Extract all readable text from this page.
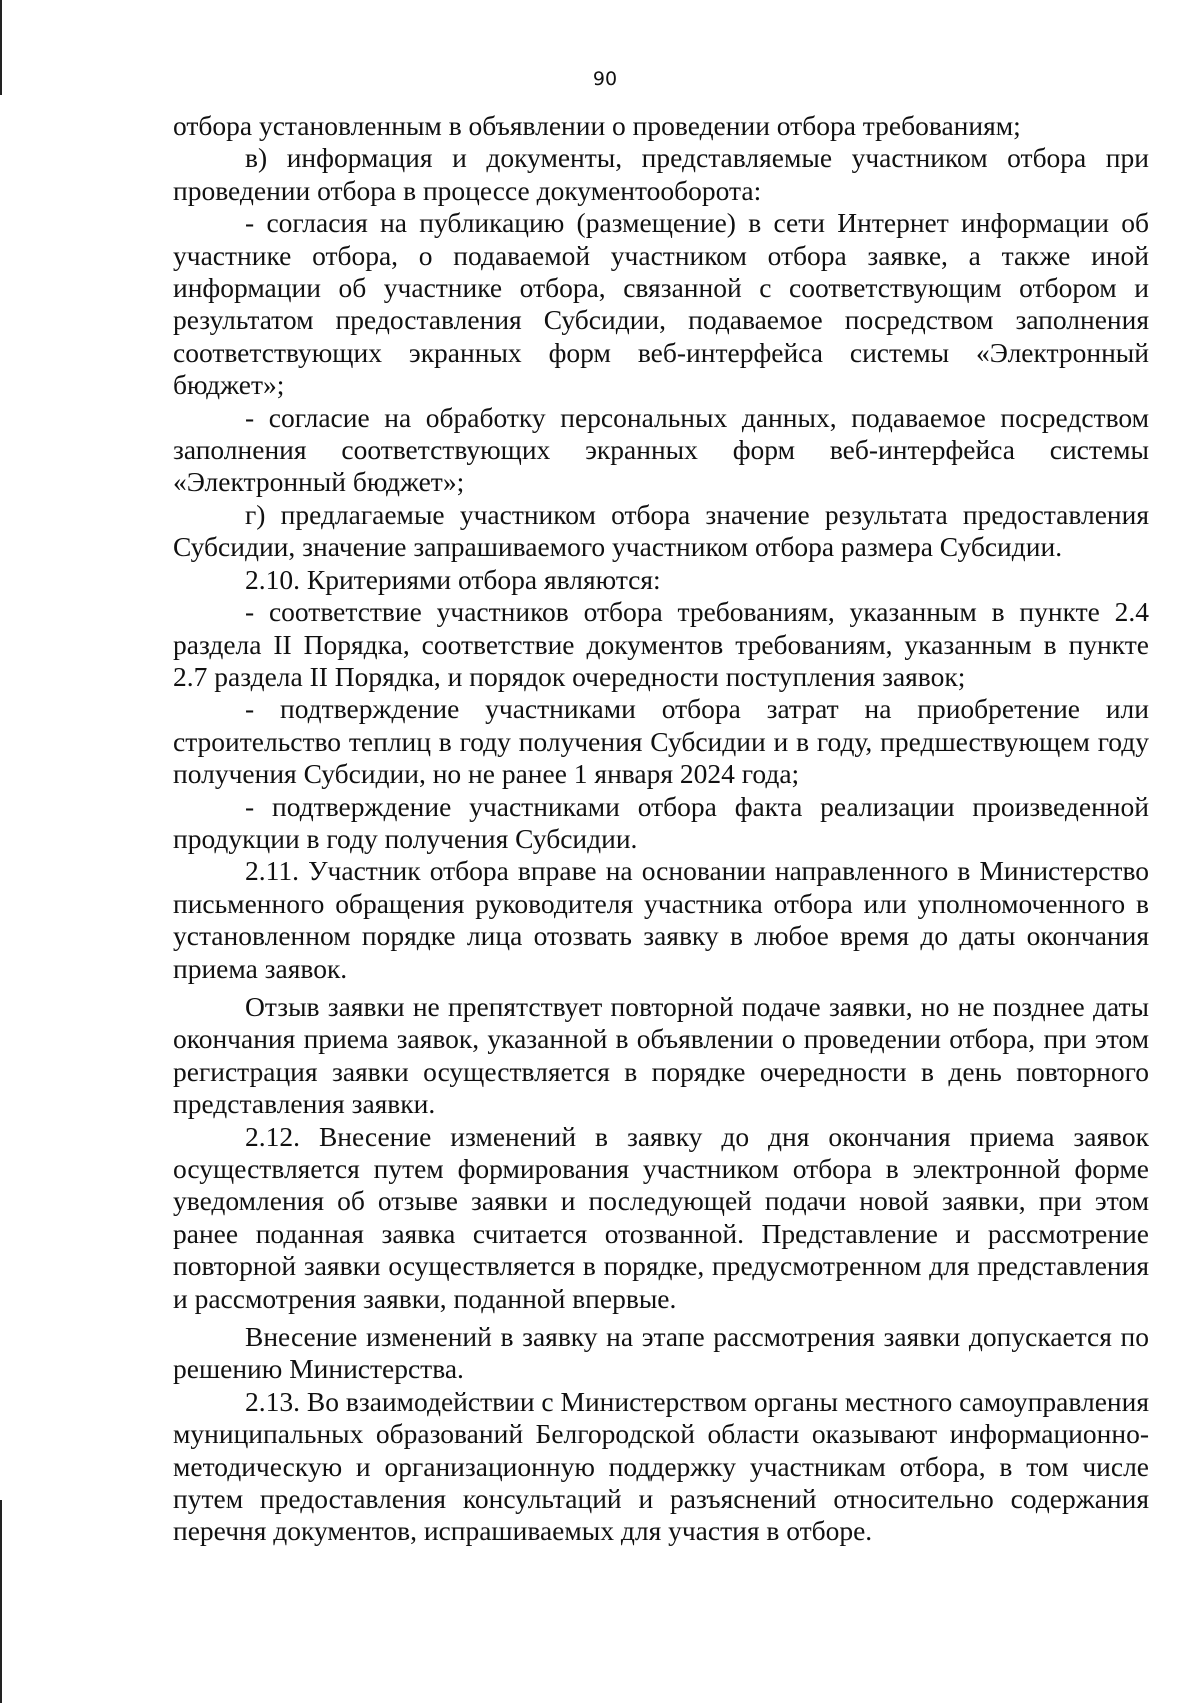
90

отбора установленным в объявлении о проведении отбора требованиям;

в) информация и документы, представляемые участником отбора при проведении отбора в процессе документооборота:

- согласия на публикацию (размещение) в сети Интернет информации об участнике отбора, о подаваемой участником отбора заявке, а также иной информации об участнике отбора, связанной с соответствующим отбором и результатом предоставления Субсидии, подаваемое посредством заполнения соответствующих экранных форм веб-интерфейса системы «Электронный бюджет»;

- согласие на обработку персональных данных, подаваемое посредством заполнения соответствующих экранных форм веб-интерфейса системы «Электронный бюджет»;

г) предлагаемые участником отбора значение результата предоставления Субсидии, значение запрашиваемого участником отбора размера Субсидии.

2.10. Критериями отбора являются:

- соответствие участников отбора требованиям, указанным в пункте 2.4 раздела II Порядка, соответствие документов требованиям, указанным в пункте 2.7 раздела II Порядка, и порядок очередности поступления заявок;

- подтверждение участниками отбора затрат на приобретение или строительство теплиц в году получения Субсидии и в году, предшествующем году получения Субсидии, но не ранее 1 января 2024 года;

- подтверждение участниками отбора факта реализации произведенной продукции в году получения Субсидии.

2.11. Участник отбора вправе на основании направленного в Министерство письменного обращения руководителя участника отбора или уполномоченного в установленном порядке лица отозвать заявку в любое время до даты окончания приема заявок.

Отзыв заявки не препятствует повторной подаче заявки, но не позднее даты окончания приема заявок, указанной в объявлении о проведении отбора, при этом регистрация заявки осуществляется в порядке очередности в день повторного представления заявки.

2.12. Внесение изменений в заявку до дня окончания приема заявок осуществляется путем формирования участником отбора в электронной форме уведомления об отзыве заявки и последующей подачи новой заявки, при этом ранее поданная заявка считается отозванной. Представление и рассмотрение повторной заявки осуществляется в порядке, предусмотренном для представления и рассмотрения заявки, поданной впервые.

Внесение изменений в заявку на этапе рассмотрения заявки допускается по решению Министерства.

2.13. Во взаимодействии с Министерством органы местного самоуправления муниципальных образований Белгородской области оказывают информационно-методическую и организационную поддержку участникам отбора, в том числе путем предоставления консультаций и разъяснений относительно содержания перечня документов, испрашиваемых для участия в отборе.
